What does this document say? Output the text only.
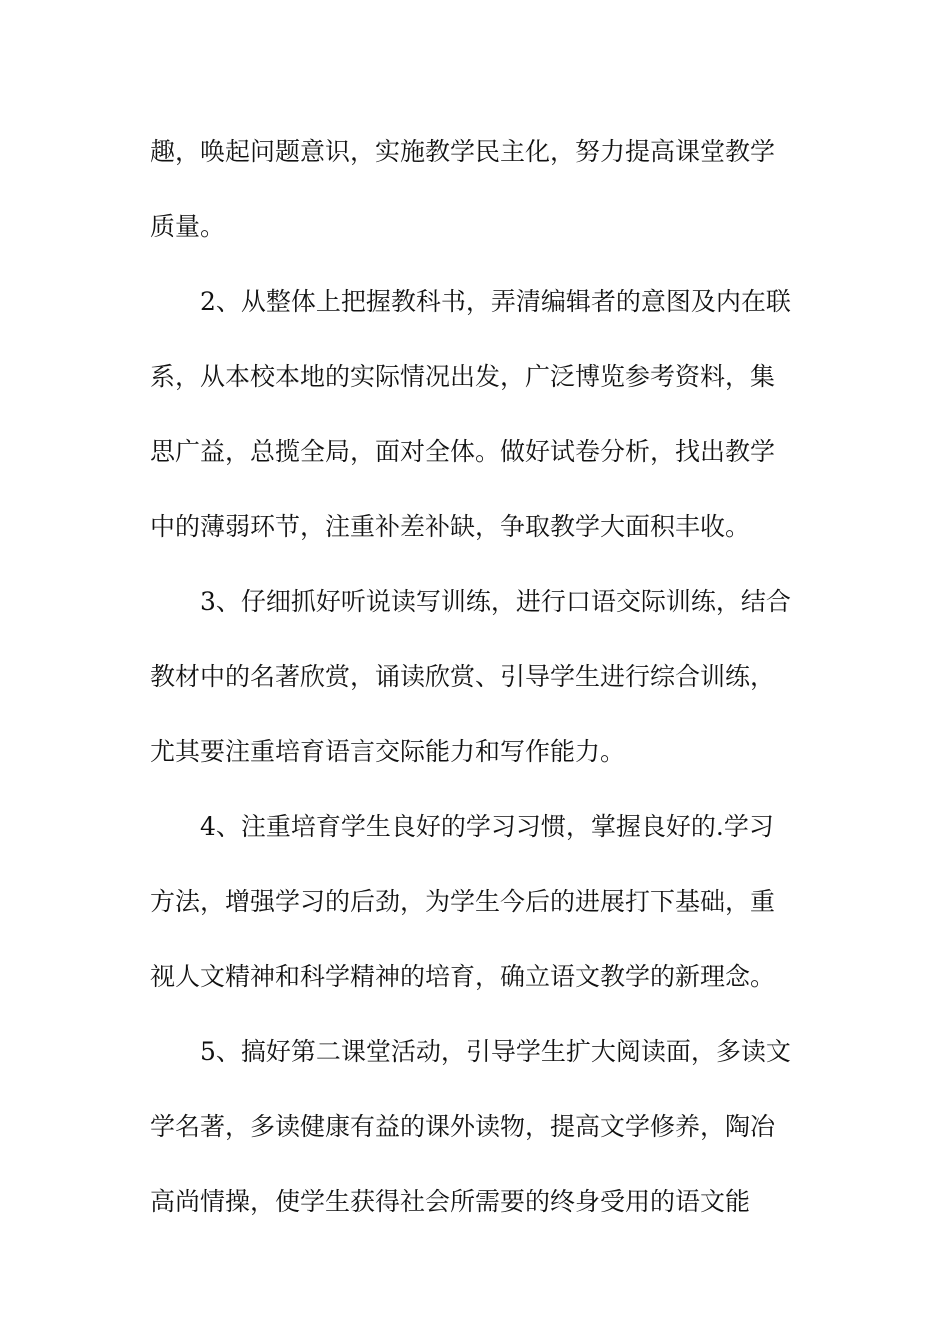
趣，唤起问题意识，实施教学民主化，努力提高课堂教学
质量。
2、从整体上把握教科书，弄清编辑者的意图及内在联
系，从本校本地的实际情况出发，广泛博览参考资料，集
思广益，总揽全局，面对全体。做好试卷分析，找出教学
中的薄弱环节，注重补差补缺，争取教学大面积丰收。
3、仔细抓好听说读写训练，进行口语交际训练，结合
教材中的名著欣赏，诵读欣赏、引导学生进行综合训练，
尤其要注重培育语言交际能力和写作能力。
4、注重培育学生良好的学习习惯，掌握良好的.学习
方法，增强学习的后劲，为学生今后的进展打下基础，重
视人文精神和科学精神的培育，确立语文教学的新理念。
5、搞好第二课堂活动，引导学生扩大阅读面，多读文
学名著，多读健康有益的课外读物，提高文学修养，陶冶
高尚情操，使学生获得社会所需要的终身受用的语文能
